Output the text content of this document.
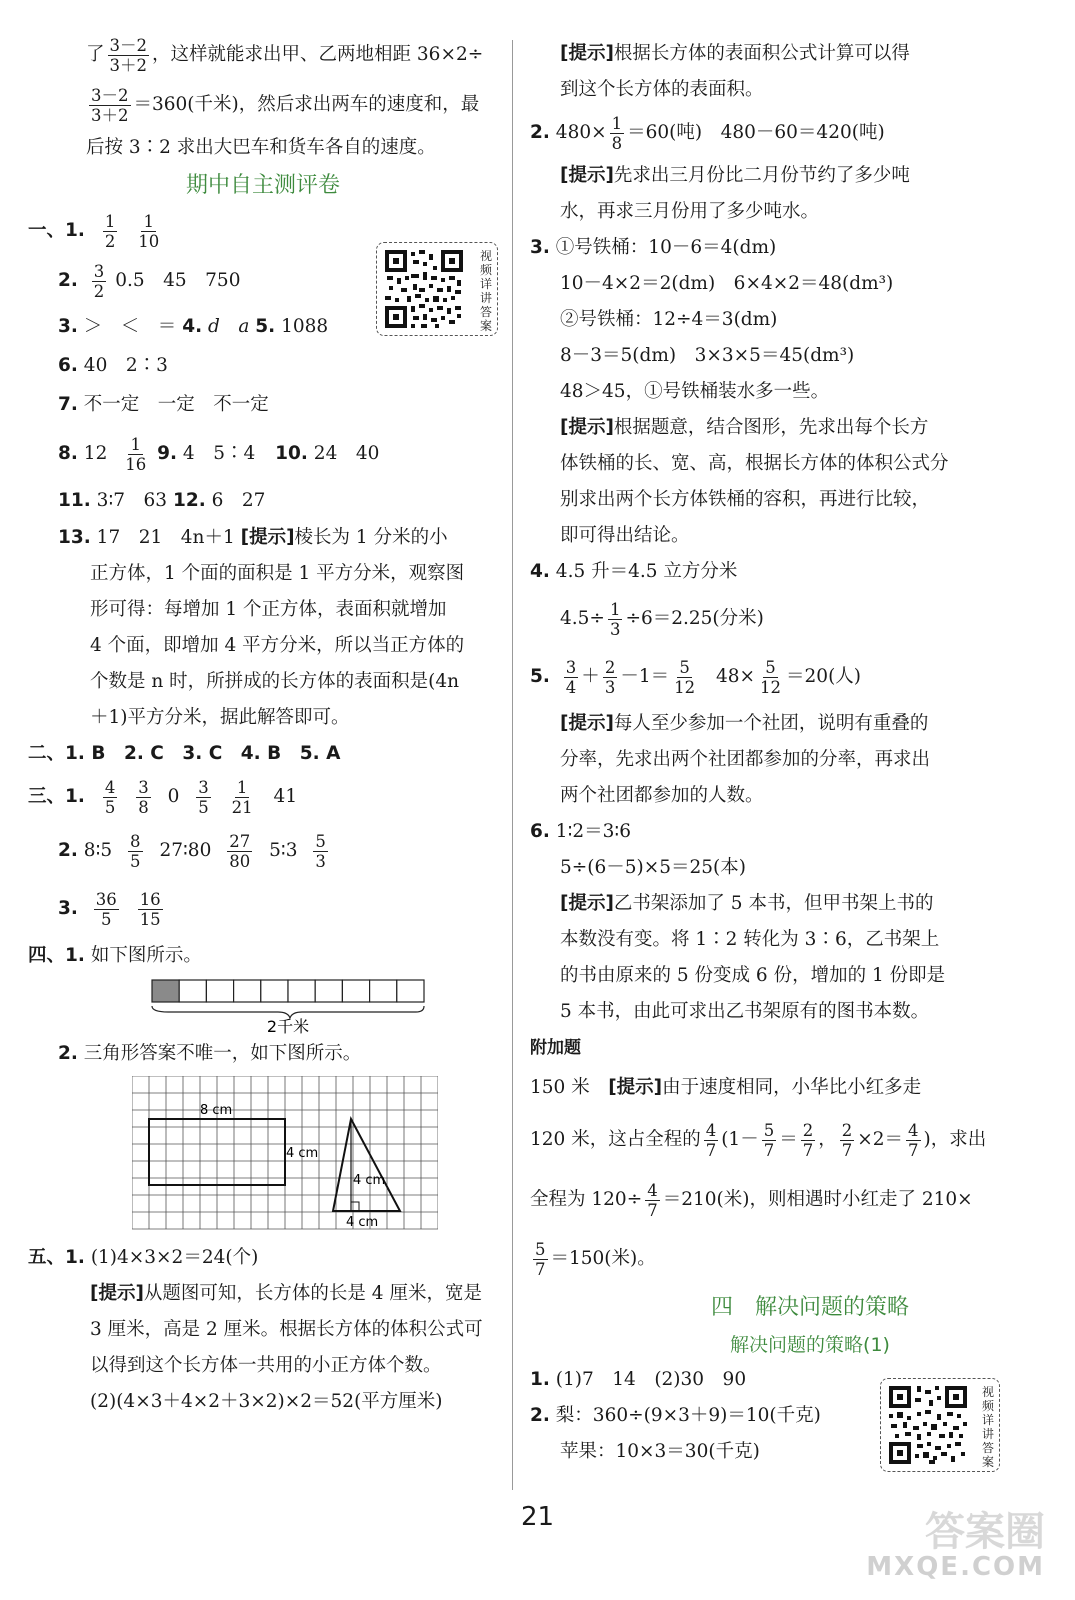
了 $\frac{3-2}{3+2}$ ，这样就能求出甲、乙两地相距 36×2÷
$\frac{3-2}{3+2} =360$(千米)，然后求出两车的速度和，最
后按 3∶2 求出大巴车和货车各自的速度。
期中自主测评卷
视频详讲答案
一、1. $\frac{1}{2}$
$\frac{1}{10}$
2. $\frac{3}{2} 0.5$　45　750
3. ＞　＜　＝ 4. d　a 5. 1088
6. 40　2∶3
7. 不一定　一定　不一定
8. $12 \frac{1}{16} 9$. 4　5∶4 10. 24　40
11. 3∶7　63 12. 6　27
13. 17　21　4n＋1 [提示]棱长为 1 分米的小
正方体，1 个面的面积是 1 平方分米，观察图
形可得：每增加 1 个正方体，表面积就增加
4 个面，即增加 4 平方分米，所以当正方体的
个数是 n 时，所拼成的长方体的表面积是(4n
＋1)平方分米，据此解答即可。
二、1. B　2. C　3. C　4. B　5. A
三、1. $\frac{4}{5}$
$\frac{3}{8} 0 \frac{3}{5}$
$\frac{1}{21} 41$
2. 8∶5 $\frac{8}{5}$ 27∶80 $\frac{27}{80}$ 5∶3 $\frac{5}{3}$
3. $\frac{36}{5}$
$\frac{16}{15}$
四、1. 如下图所示。
2千米
2. 三角形答案不唯一，如下图所示。
8 cm
4 cm
4 cm
4 cm
五、1. (1)4×3×2＝24(个)
[提示]从题图可知，长方体的长是 4 厘米，宽是
3 厘米，高是 2 厘米。根据长方体的体积公式可
以得到这个长方体一共用的小正方体个数。
(2)(4×3＋4×2＋3×2)×2＝52(平方厘米)
[提示]根据长方体的表面积公式计算可以得
到这个长方体的表面积。
2. $480\times \frac{1}{8} =60$(吨)　480－60＝420(吨)
[提示]先求出三月份比二月份节约了多少吨
水，再求三月份用了多少吨水。
3. ①号铁桶：10－6＝4(dm)
10－4×2＝2(dm)　6×4×2＝48(dm³)
②号铁桶：12÷4＝3(dm)
8－3＝5(dm)　3×3×5＝45(dm³)
48＞45，①号铁桶装水多一些。
[提示]根据题意，结合图形，先求出每个长方
体铁桶的长、宽、高，根据长方体的体积公式分
别求出两个长方体铁桶的容积，再进行比较，
即可得出结论。
4. 4.5 升＝4.5 立方分米
$4.5\div \frac{1}{3} \div 6=2.25$(分米)
5. $\frac{3}{4} + \frac{2}{3} -1= \frac{5}{12} 48\times \frac{5}{12} =20$(人)
[提示]每人至少参加一个社团，说明有重叠的
分率，先求出两个社团都参加的分率，再求出
两个社团都参加的人数。
6. 1∶2＝3∶6
5÷(6－5)×5＝25(本)
[提示]乙书架添加了 5 本书，但甲书架上书的
本数没有变。将 1∶2 转化为 3∶6，乙书架上
的书由原来的 5 份变成 6 份，增加的 1 份即是
5 本书，由此可求出乙书架原有的图书本数。
附加题
150 米　[提示]由于速度相同，小华比小红多走
120 米，这占全程的 $\frac{4}{7} (1- \frac{5}{7} = \frac{2}{7}$ ， $\frac{2}{7} \times 2= \frac{4}{7}$ )，求出
全程为 $120\div \frac{4}{7} =210$(米)，则相遇时小红走了 210×
$\frac{5}{7} =150$(米)。
四　解决问题的策略
解决问题的策略(1)
1. (1)7　14　(2)30　90
2. 梨：360÷(9×3＋9)＝10(千克)
苹果：10×3＝30(千克)
视频详讲答案
21	答案圈
MXQE.COM
